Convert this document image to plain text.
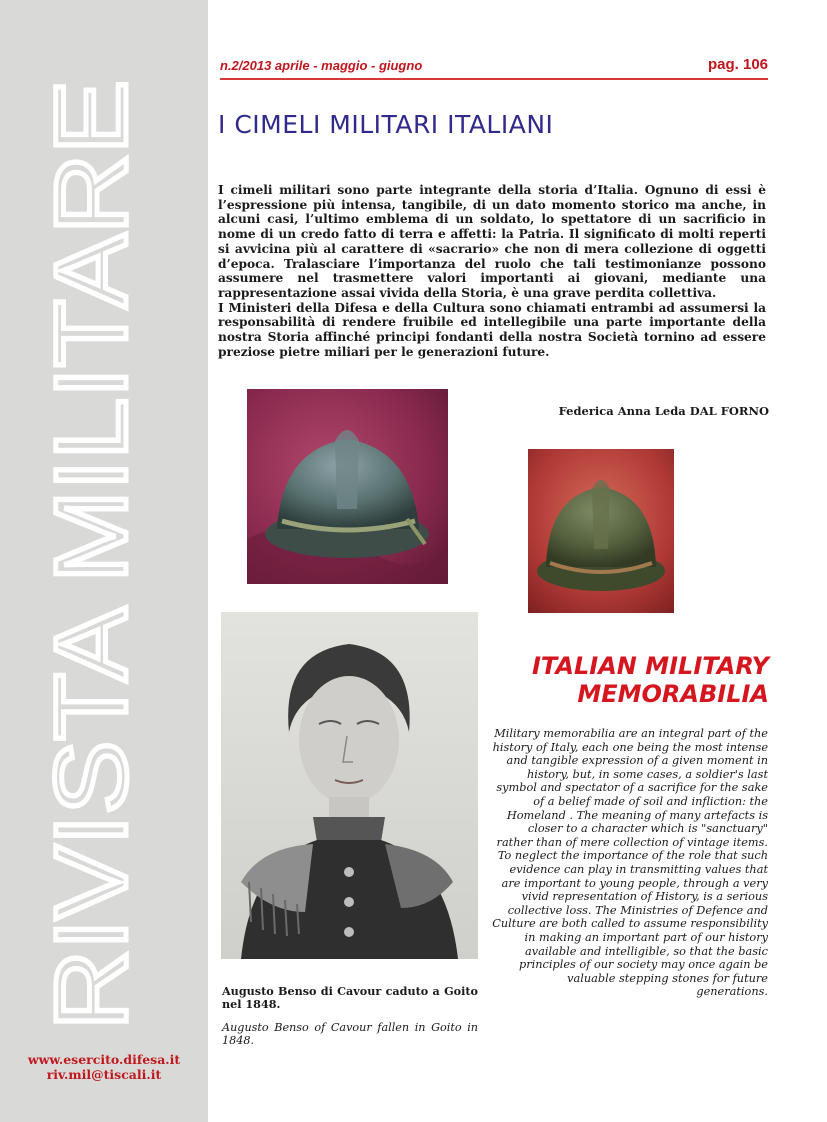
RIVISTA MILITARE
www.esercito.difesa.it
riv.mil@tiscali.it
n.2/2013 aprile - maggio - giugno	pag. 106
I CIMELI MILITARI ITALIANI

I cimeli militari sono parte integrante della storia d’Italia. Ognuno di essi è l’espressione più intensa, tangibile, di un dato momento storico ma anche, in alcuni casi, l’ultimo emblema di un soldato, lo spettatore di un sacrificio in nome di un credo fatto di terra e affetti: la Patria. Il significato di molti reperti si avvicina più al carattere di «sacrario» che non di mera collezione di oggetti d’epoca. Tralasciare l’importanza del ruolo che tali testimonianze possono assumere nel trasmettere valori importanti ai giovani, mediante una rappresentazione assai vivida della Storia, è una grave perdita collettiva.

I Ministeri della Difesa e della Cultura sono chiamati entrambi ad assumersi la responsabilità di rendere fruibile ed intellegibile una parte importante della nostra Storia affinché principi fondanti della nostra Società tornino ad essere preziose pietre miliari per le generazioni future.

Federica Anna Leda DAL FORNO

ITALIAN MILITARY
MEMORABILIA

Military memorabilia are an integral part of the history of Italy, each one being the most intense and tangible expression of a given moment in history, but, in some cases, a soldier's last symbol and spectator of a sacrifice for the sake of a belief made of soil and infliction: the Homeland . The meaning of many artefacts is closer to a character which is "sanctuary" rather than of mere collection of vintage items. To neglect the importance of the role that such evidence can play in transmitting values that are important to young people, through a very vivid representation of History, is a serious collective loss. The Ministries of Defence and Culture are both called to assume responsibility in making an important part of our history available and intelligible, so that the basic principles of our society may once again be valuable stepping stones for future generations.

Augusto Benso di Cavour caduto a Goito nel 1848.

Augusto Benso of Cavour fallen in Goito in 1848.
